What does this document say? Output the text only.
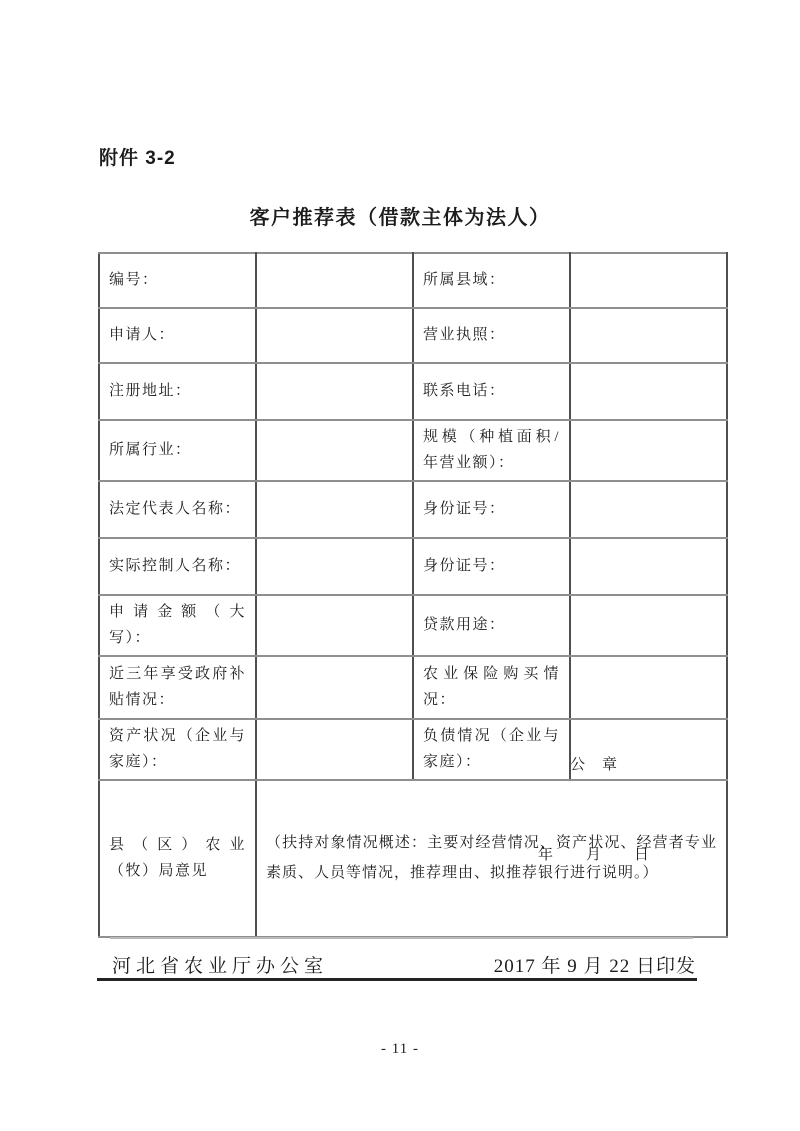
附件 3-2
客户推荐表（借款主体为法人）
编号：		所属县域：	
申请人：		营业执照：	
注册地址：		联系电话：	
所属行业：		规模（种植面积/年营业额）：	
法定代表人名称：		身份证号：	
实际控制人名称：		身份证号：	
申请金额（大写）：		贷款用途：	
近三年享受政府补贴情况：		农业保险购买情况：	
资产状况（企业与家庭）：		负债情况（企业与家庭）：	
县（区）农业（牧）局意见	（扶持对象情况概述：主要对经营情况、资产状况、经营者专业素质、人员等情况，推荐理由、拟推荐银行进行说明。）

公　章

年　　月　　日		

河北省农业厅办公室	2017 年 9 月 22 日印发
- 11 -
